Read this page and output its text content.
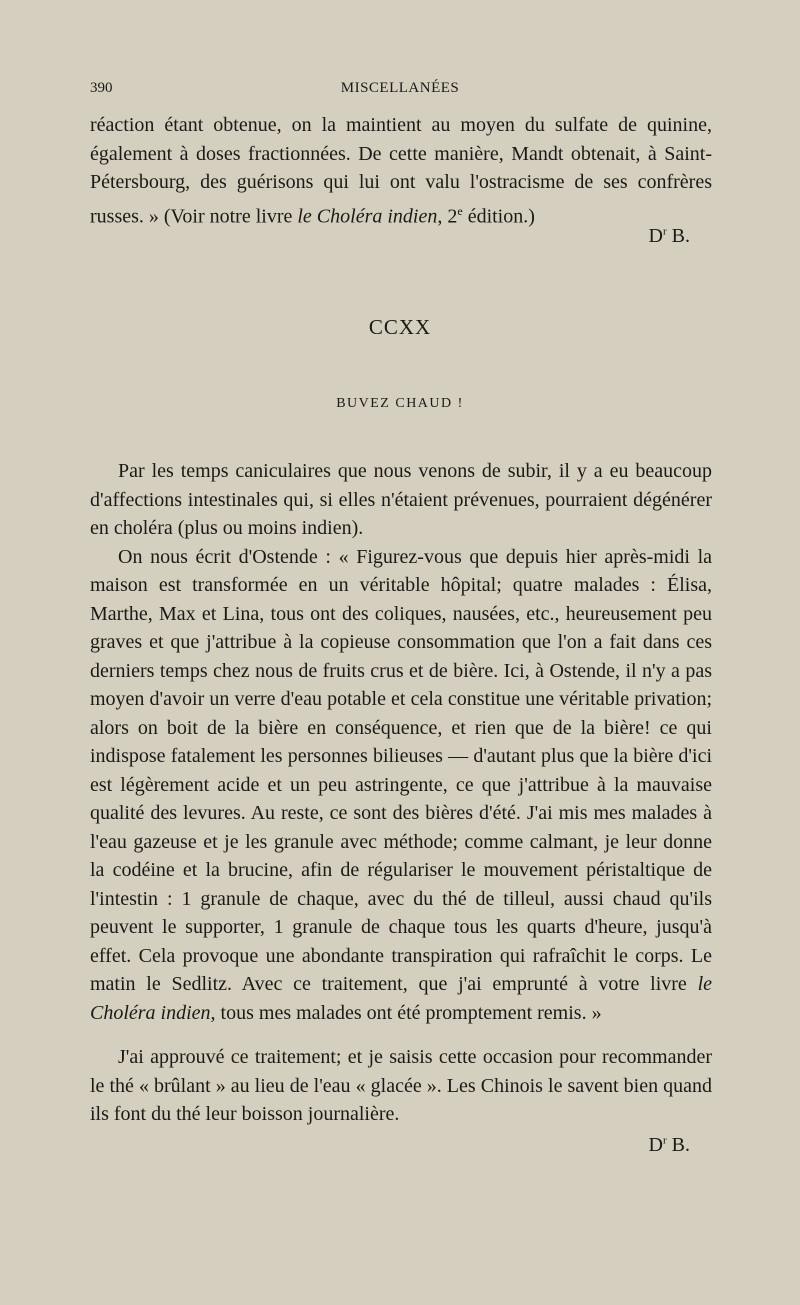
390	MISCELLANÉES

réaction étant obtenue, on la maintient au moyen du sulfate de quinine, également à doses fractionnées. De cette manière, Mandt obtenait, à Saint-Pétersbourg, des guérisons qui lui ont valu l'ostracisme de ses confrères russes. » (Voir notre livre le Choléra indien, 2e édition.)

$D^r$ B.
CCXX
BUVEZ CHAUD !

Par les temps caniculaires que nous venons de subir, il y a eu beaucoup d'affections intestinales qui, si elles n'étaient prévenues, pourraient dégénérer en choléra (plus ou moins indien).

On nous écrit d'Ostende : « Figurez-vous que depuis hier après-midi la maison est transformée en un véritable hôpital; quatre malades : Élisa, Marthe, Max et Lina, tous ont des coliques, nausées, etc., heureusement peu graves et que j'attribue à la copieuse consommation que l'on a fait dans ces derniers temps chez nous de fruits crus et de bière. Ici, à Ostende, il n'y a pas moyen d'avoir un verre d'eau potable et cela constitue une véritable privation; alors on boit de la bière en conséquence, et rien que de la bière! ce qui indispose fatalement les personnes bilieuses — d'autant plus que la bière d'ici est légèrement acide et un peu astringente, ce que j'attribue à la mauvaise qualité des levures. Au reste, ce sont des bières d'été. J'ai mis mes malades à l'eau gazeuse et je les granule avec méthode; comme calmant, je leur donne la codéine et la brucine, afin de régulariser le mouvement péristaltique de l'intestin : 1 granule de chaque, avec du thé de tilleul, aussi chaud qu'ils peuvent le supporter, 1 granule de chaque tous les quarts d'heure, jusqu'à effet. Cela provoque une abondante transpiration qui rafraîchit le corps. Le matin le Sedlitz. Avec ce traitement, que j'ai emprunté à votre livre le Choléra indien, tous mes malades ont été promptement remis. »

J'ai approuvé ce traitement; et je saisis cette occasion pour recommander le thé « brûlant » au lieu de l'eau « glacée ». Les Chinois le savent bien quand ils font du thé leur boisson journalière.

$D^r$ B.
